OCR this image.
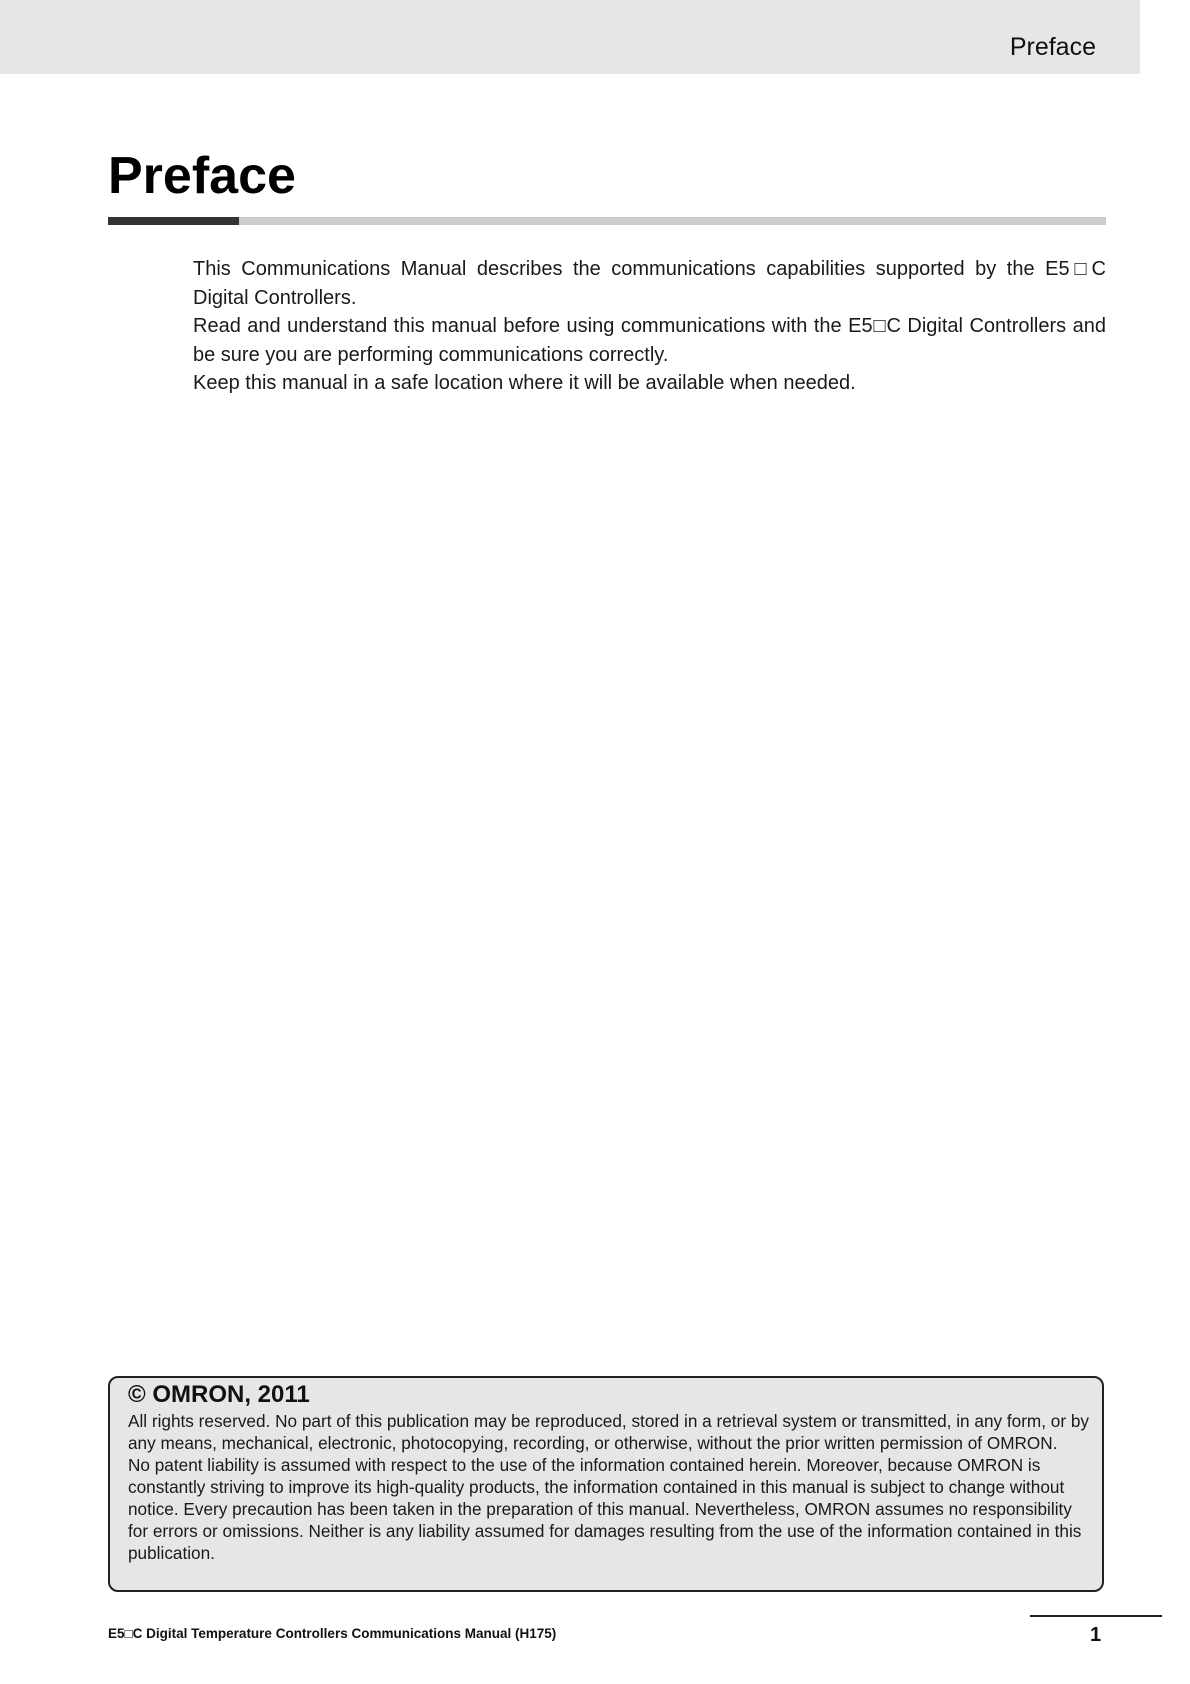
Preface
Preface

This Communications Manual describes the communications capabilities supported by the E5□C Digital Controllers.

Read and understand this manual before using communications with the E5□C Digital Controllers and be sure you are performing communications correctly.

Keep this manual in a safe location where it will be available when needed.

© OMRON, 2011

All rights reserved. No part of this publication may be reproduced, stored in a retrieval system or transmitted, in any form, or by any means, mechanical, electronic, photocopying, recording, or otherwise, without the prior written permission of OMRON.

No patent liability is assumed with respect to the use of the information contained herein. Moreover, because OMRON is constantly striving to improve its high-quality products, the information contained in this manual is subject to change without notice. Every precaution has been taken in the preparation of this manual. Nevertheless, OMRON assumes no responsibility for errors or omissions. Neither is any liability assumed for damages resulting from the use of the information contained in this publication.

E5□C Digital Temperature Controllers Communications Manual (H175)	1
